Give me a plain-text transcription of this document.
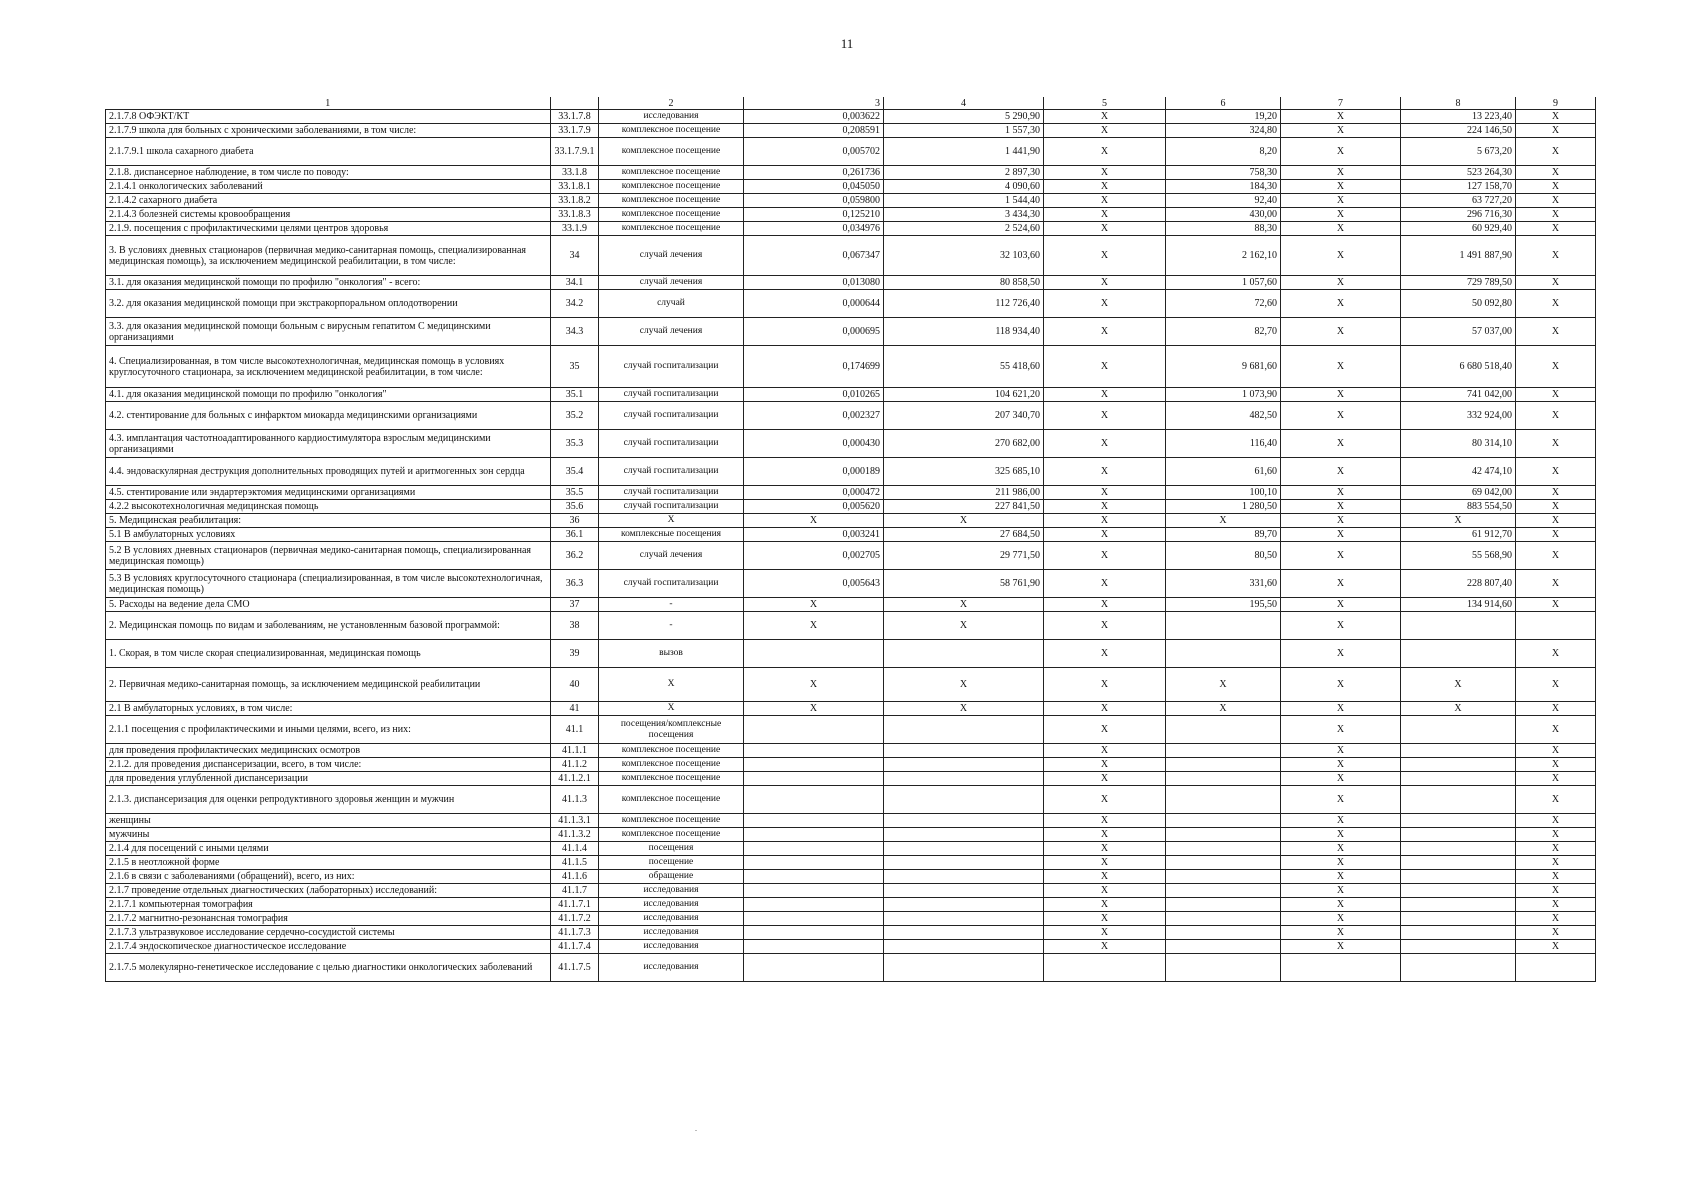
11
1		2	3	4	5	6	7	8	9
2.1.7.8 ОФЭКТ/КТ	33.1.7.8	исследования	0,003622	5 290,90	X	19,20	X	13 223,40	X
2.1.7.9 школа для больных с хроническими заболеваниями, в том числе:	33.1.7.9	комплексное посещение	0,208591	1 557,30	X	324,80	X	224 146,50	X
2.1.7.9.1 школа сахарного диабета	33.1.7.9.1	комплексное посещение	0,005702	1 441,90	X	8,20	X	5 673,20	X
2.1.8. диспансерное наблюдение, в том числе по поводу:	33.1.8	комплексное посещение	0,261736	2 897,30	X	758,30	X	523 264,30	X
2.1.4.1 онкологических заболеваний	33.1.8.1	комплексное посещение	0,045050	4 090,60	X	184,30	X	127 158,70	X
2.1.4.2 сахарного диабета	33.1.8.2	комплексное посещение	0,059800	1 544,40	X	92,40	X	63 727,20	X
2.1.4.3 болезней системы кровообращения	33.1.8.3	комплексное посещение	0,125210	3 434,30	X	430,00	X	296 716,30	X
2.1.9. посещения с профилактическими целями центров здоровья	33.1.9	комплексное посещение	0,034976	2 524,60	X	88,30	X	60 929,40	X
3. В условиях дневных стационаров (первичная медико-санитарная помощь, специализированная медицинская помощь), за исключением медицинской реабилитации, в том числе:	34	случай лечения	0,067347	32 103,60	X	2 162,10	X	1 491 887,90	X
3.1. для оказания медицинской помощи по профилю "онкология" - всего:	34.1	случай лечения	0,013080	80 858,50	X	1 057,60	X	729 789,50	X
3.2. для оказания медицинской помощи при экстракорпоральном оплодотворении	34.2	случай	0,000644	112 726,40	X	72,60	X	50 092,80	X
3.3. для оказания медицинской помощи больным с вирусным гепатитом С медицинскими организациями	34.3	случай лечения	0,000695	118 934,40	X	82,70	X	57 037,00	X
4. Специализированная, в том числе высокотехнологичная, медицинская помощь в условиях круглосуточного стационара, за исключением медицинской реабилитации, в том числе:	35	случай госпитализации	0,174699	55 418,60	X	9 681,60	X	6 680 518,40	X
4.1. для оказания медицинской помощи по профилю "онкология"	35.1	случай госпитализации	0,010265	104 621,20	X	1 073,90	X	741 042,00	X
4.2. стентирование для больных с инфарктом миокарда медицинскими организациями	35.2	случай госпитализации	0,002327	207 340,70	X	482,50	X	332 924,00	X
4.3. имплантация частотноадаптированного кардиостимулятора взрослым медицинскими организациями	35.3	случай госпитализации	0,000430	270 682,00	X	116,40	X	80 314,10	X
4.4. эндоваскулярная деструкция дополнительных проводящих путей и аритмогенных зон сердца	35.4	случай госпитализации	0,000189	325 685,10	X	61,60	X	42 474,10	X
4.5. стентирование или эндартерэктомия медицинскими организациями	35.5	случай госпитализации	0,000472	211 986,00	X	100,10	X	69 042,00	X
4.2.2 высокотехнологичная медицинская помощь	35.6	случай госпитализации	0,005620	227 841,50	X	1 280,50	X	883 554,50	X
5. Медицинская реабилитация:	36	X	X	X	X	X	X	X	X
5.1 В амбулаторных условиях	36.1	комплексные посещения	0,003241	27 684,50	X	89,70	X	61 912,70	X
5.2 В условиях дневных стационаров (первичная медико-санитарная помощь, специализированная медицинская помощь)	36.2	случай лечения	0,002705	29 771,50	X	80,50	X	55 568,90	X
5.3 В условиях круглосуточного стационара (специализированная, в том числе высокотехнологичная, медицинская помощь)	36.3	случай госпитализации	0,005643	58 761,90	X	331,60	X	228 807,40	X
5. Расходы на ведение дела СМО	37	-	X	X	X	195,50	X	134 914,60	X
2. Медицинская помощь по видам и заболеваниям, не установленным базовой программой:	38	-	X	X	X		X		
1. Скорая, в том числе скорая специализированная, медицинская помощь	39	вызов			X		X		X
2. Первичная медико-санитарная помощь, за исключением медицинской реабилитации	40	X	X	X	X	X	X	X	X
2.1 В амбулаторных условиях, в том числе:	41	X	X	X	X	X	X	X	X
2.1.1 посещения с профилактическими и иными целями, всего, из них:	41.1	посещения/комплексные посещения			X		X		X
для проведения профилактических медицинских осмотров	41.1.1	комплексное посещение			X		X		X
2.1.2. для проведения диспансеризации, всего, в том числе:	41.1.2	комплексное посещение			X		X		X
для проведения углубленной диспансеризации	41.1.2.1	комплексное посещение			X		X		X
2.1.3. диспансеризация для оценки репродуктивного здоровья женщин и мужчин	41.1.3	комплексное посещение			X		X		X
женщины	41.1.3.1	комплексное посещение			X		X		X
мужчины	41.1.3.2	комплексное посещение			X		X		X
2.1.4 для посещений с иными целями	41.1.4	посещения			X		X		X
2.1.5 в неотложной форме	41.1.5	посещение			X		X		X
2.1.6 в связи с заболеваниями (обращений), всего, из них:	41.1.6	обращение			X		X		X
2.1.7 проведение отдельных диагностических (лабораторных) исследований:	41.1.7	исследования			X		X		X
2.1.7.1 компьютерная томография	41.1.7.1	исследования			X		X		X
2.1.7.2 магнитно-резонансная томография	41.1.7.2	исследования			X		X		X
2.1.7.3 ультразвуковое исследование сердечно-сосудистой системы	41.1.7.3	исследования			X		X		X
2.1.7.4 эндоскопическое диагностическое исследование	41.1.7.4	исследования			X		X		X
2.1.7.5 молекулярно-генетическое исследование с целью диагностики онкологических заболеваний	41.1.7.5	исследования							
